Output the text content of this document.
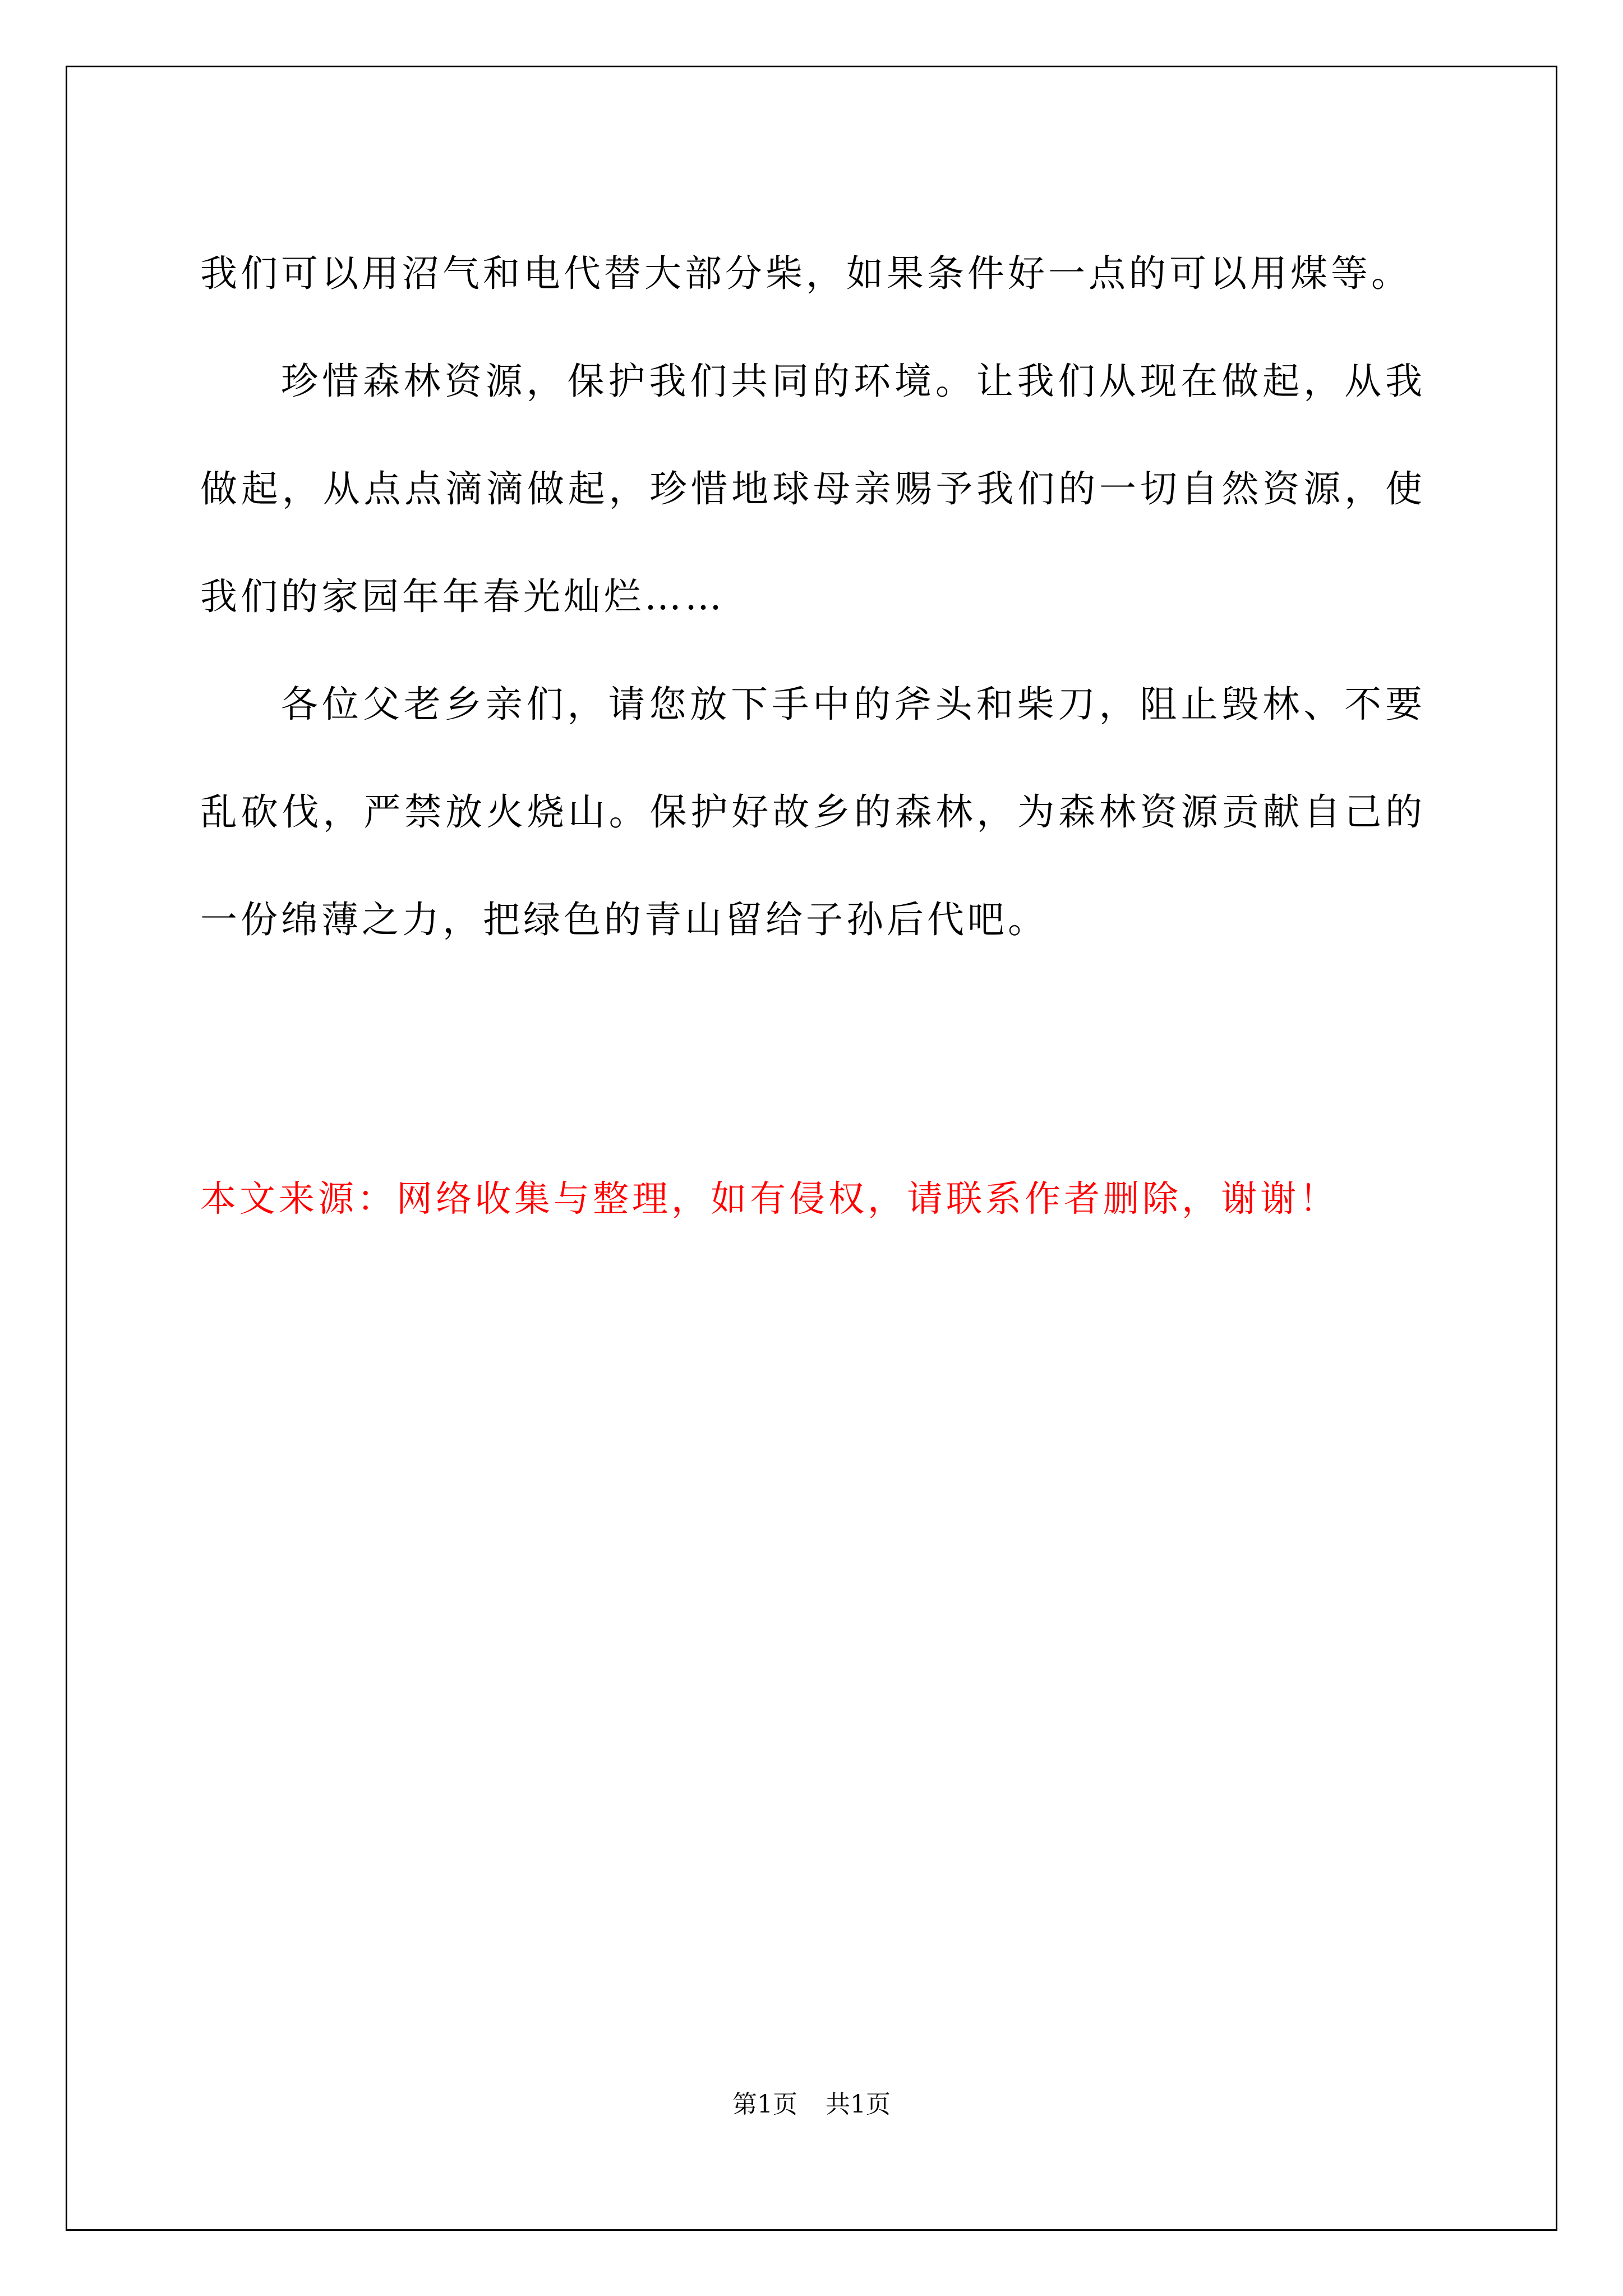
我们可以用沼气和电代替大部分柴，如果条件好一点的可以用煤等。

珍惜森林资源，保护我们共同的环境。让我们从现在做起，从我做起，从点点滴滴做起，珍惜地球母亲赐予我们的一切自然资源，使我们的家园年年春光灿烂……

各位父老乡亲们，请您放下手中的斧头和柴刀，阻止毁林、不要乱砍伐，严禁放火烧山。保护好故乡的森林，为森林资源贡献自己的一份绵薄之力，把绿色的青山留给子孙后代吧。

本文来源：网络收集与整理，如有侵权，请联系作者删除，谢谢！

第1页 共1页
